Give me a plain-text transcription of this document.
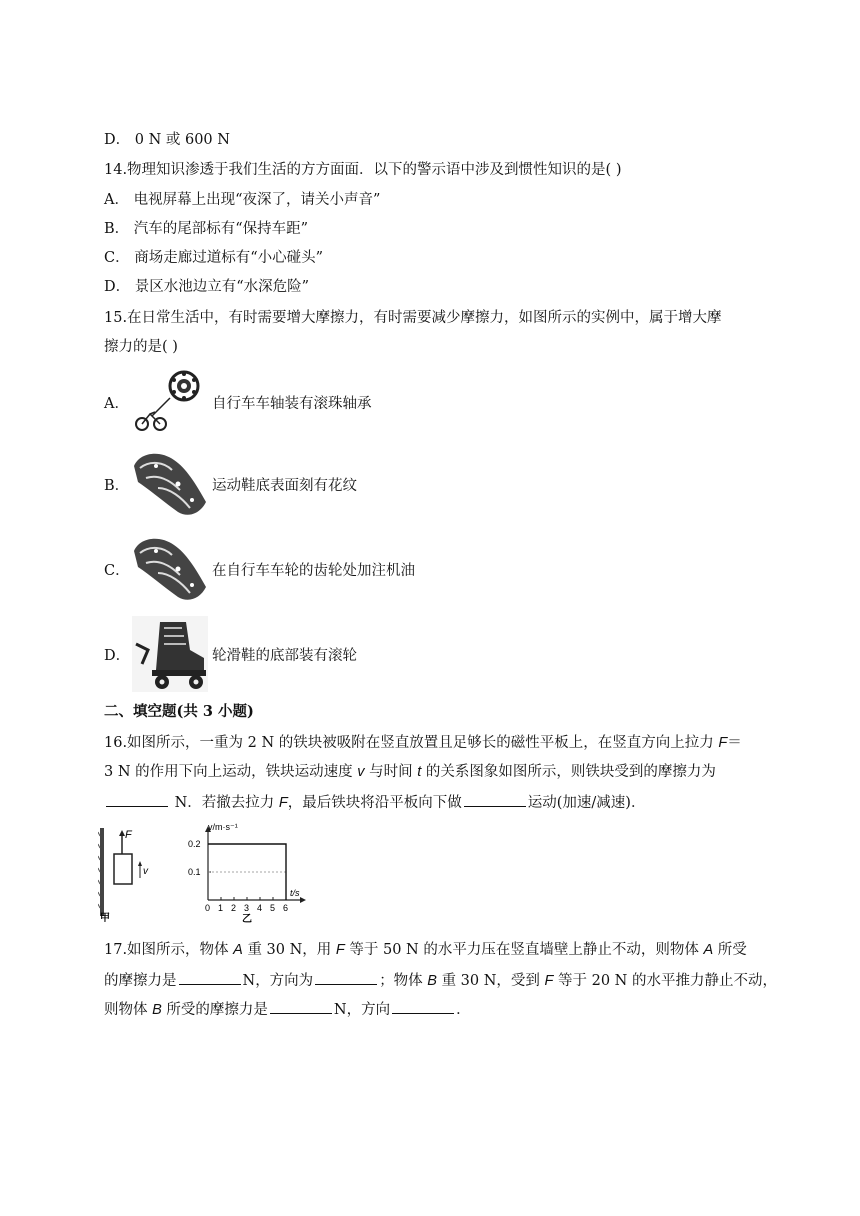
D． 0 N 或 600 N
14.物理知识渗透于我们生活的方方面面．以下的警示语中涉及到惯性知识的是( )
A． 电视屏幕上出现“夜深了，请关小声音”
B． 汽车的尾部标有“保持车距”
C． 商场走廊过道标有“小心碰头”
D． 景区水池边立有“水深危险”
15.在日常生活中，有时需要增大摩擦力，有时需要减少摩擦力，如图所示的实例中，属于增大摩
擦力的是( )
A．	自行车车轴装有滚珠轴承
B．	运动鞋底表面刻有花纹
C．	在自行车车轮的齿轮处加注机油
D．	轮滑鞋的底部装有滚轮
二、填空题(共 3 小题)
16.如图所示，一重为 2 N 的铁块被吸附在竖直放置且足够长的磁性平板上，在竖直方向上拉力 F＝
3 N 的作用下向上运动，铁块运动速度 v 与时间 t 的关系图象如图所示，则铁块受到的摩擦力为
N．若撤去拉力 F，最后铁块将沿平板向下做	运动(加速/减速)．
F
v
甲
0 1 2 3 4 5 6
0.2
0.1
v/m·s⁻¹
t/s
乙
17.如图所示，物体 A 重 30 N，用 F 等于 50 N 的水平力压在竖直墙壁上静止不动，则物体 A 所受
的摩擦力是	N，方向为	；物体 B 重 30 N，受到 F 等于 20 N 的水平推力静止不动，
则物体 B 所受的摩擦力是	N，方向	．
